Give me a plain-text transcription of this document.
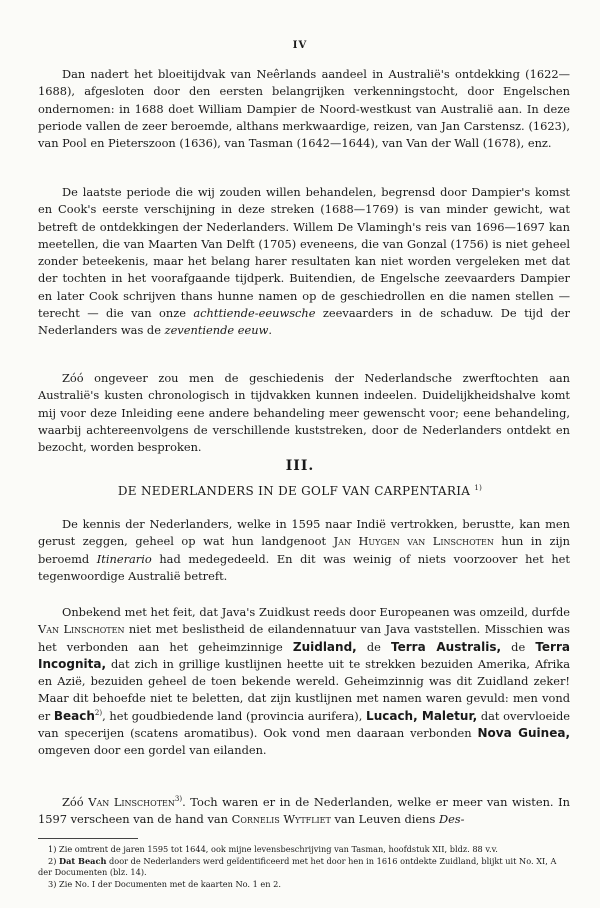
IV

Dan nadert het bloeitijdvak van Neêrlands aandeel in Australië's ontdekking (1622—1688), afgesloten door den eersten belangrijken verkenningstocht, door Engelschen ondernomen: in 1688 doet William Dampier de Noord-westkust van Australië aan. In deze periode vallen de zeer beroemde, althans merkwaardige, reizen, van Jan Carstensz. (1623), van Pool en Pieterszoon (1636), van Tasman (1642—1644), van Van der Wall (1678), enz.

De laatste periode die wij zouden willen behandelen, begrensd door Dampier's komst en Cook's eerste verschijning in deze streken (1688—1769) is van minder gewicht, wat betreft de ontdekkingen der Nederlanders. Willem De Vlamingh's reis van 1696—1697 kan meetellen, die van Maarten Van Delft (1705) eveneens, die van Gonzal (1756) is niet geheel zonder beteekenis, maar het belang harer resultaten kan niet worden vergeleken met dat der tochten in het voorafgaande tijdperk. Buitendien, de Engelsche zeevaarders Dampier en later Cook schrijven thans hunne namen op de geschiedrollen en die namen stellen — terecht — die van onze achttiende-eeuwsche zeevaarders in de schaduw. De tijd der Nederlanders was de zeventiende eeuw.

Zóó ongeveer zou men de geschiedenis der Nederlandsche zwerftochten aan Australië's kusten chronologisch in tijdvakken kunnen indeelen. Duidelijkheidshalve komt mij voor deze Inleiding eene andere behandeling meer gewenscht voor; eene behandeling, waarbij achtereenvolgens de verschillende kuststreken, door de Nederlanders ontdekt en bezocht, worden besproken.

III.
DE NEDERLANDERS IN DE GOLF VAN CARPENTARIA $^{1)}$

De kennis der Nederlanders, welke in 1595 naar Indië vertrokken, berustte, kan men gerust zeggen, geheel op wat hun landgenoot Jan Huygen van Linschoten hun in zijn beroemd Itinerario had medegedeeld. En dit was weinig of niets voorzoover het het tegenwoordige Australië betreft.

Onbekend met het feit, dat Java's Zuidkust reeds door Europeanen was omzeild, durfde Van Linschoten niet met beslistheid de eilandennatuur van Java vaststellen. Misschien was het verbonden aan het geheimzinnige Zuidland, de Terra Australis, de Terra Incognita, dat zich in grillige kustlijnen heette uit te strekken bezuiden Amerika, Afrika en Azië, bezuiden geheel de toen bekende wereld. Geheimzinnig was dit Zuidland zeker! Maar dit behoefde niet te beletten, dat zijn kustlijnen met namen waren gevuld: men vond er Beach$^{2)}$, het goudbiedende land (provincia aurifera), Lucach, Maletur, dat overvloeide van specerijen (scatens aromatibus). Ook vond men daaraan verbonden Nova Guinea, omgeven door een gordel van eilanden.

Zóó Van Linschoten$^{3)}$. Toch waren er in de Nederlanden, welke er meer van wisten. In 1597 verscheen van de hand van Cornelis Wytfliet van Leuven diens Des-

1) Zie omtrent de jaren 1595 tot 1644, ook mijne levensbeschrijving van Tasman, hoofdstuk XII, bldz. 88 v.v.

2) Dat Beach door de Nederlanders werd geïdentificeerd met het door hen in 1616 ontdekte Zuidland, blijkt uit No. XI, A der Documenten (blz. 14).

3) Zie No. I der Documenten met de kaarten No. 1 en 2.
